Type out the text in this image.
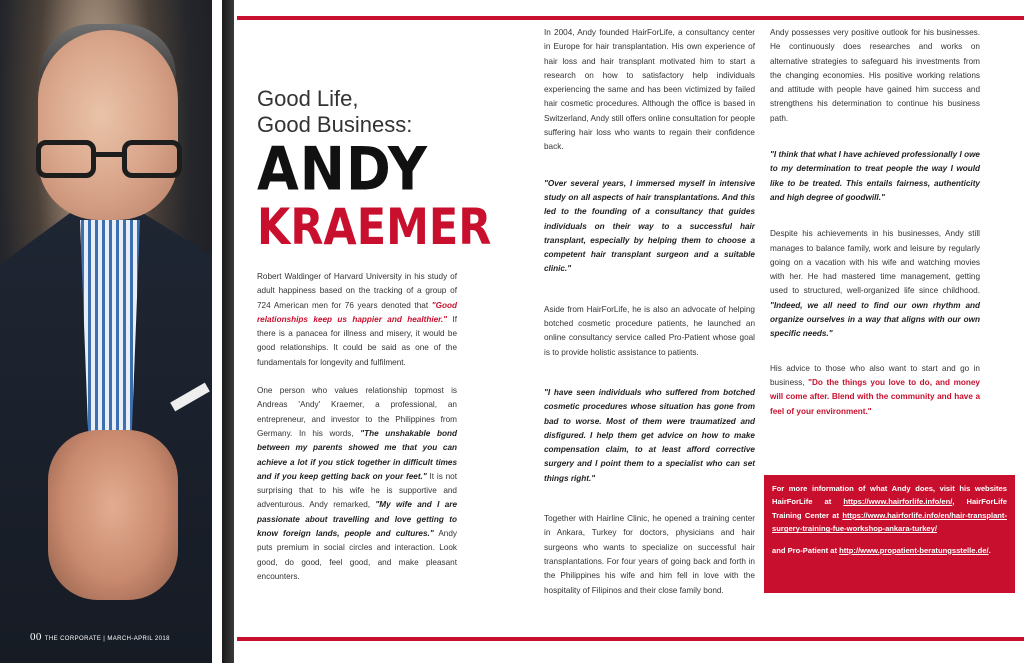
00 THE CORPORATE | MARCH-APRIL 2018
Good Life,
Good Business:
ANDY
KRAEMER

Robert Waldinger of Harvard University in his study of adult happiness based on the tracking of a group of 724 American men for 76 years denoted that "Good relationships keep us happier and healthier." If there is a panacea for illness and misery, it would be good relationships. It could be said as one of the fundamentals for longevity and fulfilment.

One person who values relationship topmost is Andreas 'Andy' Kraemer, a professional, an entrepreneur, and investor to the Philippines from Germany. In his words, "The unshakable bond between my parents showed me that you can achieve a lot if you stick together in difficult times and if you keep getting back on your feet." It is not surprising that to his wife he is supportive and adventurous. Andy remarked, "My wife and I are passionate about travelling and love getting to know foreign lands, people and cultures." Andy puts premium in social circles and interaction. Look good, do good, feel good, and make pleasant encounters.

In 2004, Andy founded HairForLife, a consultancy center in Europe for hair transplantation. His own experience of hair loss and hair transplant motivated him to start a research on how to satisfactory help individuals experiencing the same and has been victimized by failed hair cosmetic procedures. Although the office is based in Switzerland, Andy still offers online consultation for people suffering hair loss who wants to regain their confidence back.

"Over several years, I immersed myself in intensive study on all aspects of hair transplantations. And this led to the founding of a consultancy that guides individuals on their way to a successful hair transplant, especially by helping them to choose a competent hair transplant surgeon and a suitable clinic."

Aside from HairForLife, he is also an advocate of helping botched cosmetic procedure patients, he launched an online consultancy service called Pro-Patient whose goal is to provide holistic assistance to patients.

"I have seen individuals who suffered from botched cosmetic procedures whose situation has gone from bad to worse. Most of them were traumatized and disfigured. I help them get advice on how to make compensation claim, to at least afford corrective surgery and I point them to a specialist who can set things right."

Together with Hairline Clinic, he opened a training center in Ankara, Turkey for doctors, physicians and hair surgeons who wants to specialize on successful hair transplantations. For four years of going back and forth in the Philippines his wife and him fell in love with the hospitality of Filipinos and their close family bond.

Andy possesses very positive outlook for his businesses. He continuously does researches and works on alternative strategies to safeguard his investments from the changing economies. His positive working relations and attitude with people have gained him success and strengthens his determination to continue his business path.

"I think that what I have achieved professionally I owe to my determination to treat people the way I would like to be treated. This entails fairness, authenticity and high degree of goodwill."

Despite his achievements in his businesses, Andy still manages to balance family, work and leisure by regularly going on a vacation with his wife and watching movies with her. He had mastered time management, getting used to structured, well-organized life since childhood. "Indeed, we all need to find our own rhythm and organize ourselves in a way that aligns with our own specific needs."

His advice to those who also want to start and go in business, "Do the things you love to do, and money will come after. Blend with the community and have a feel of your environment."

For more information of what Andy does, visit his websites HairForLife at https://www.hairforlife.info/en/, HairForLife Training Center at https://www.hairforlife.info/en/hair-transplant-surgery-training-fue-workshop-ankara-turkey/

and Pro-Patient at http://www.propatient-beratungsstelle.de/.
